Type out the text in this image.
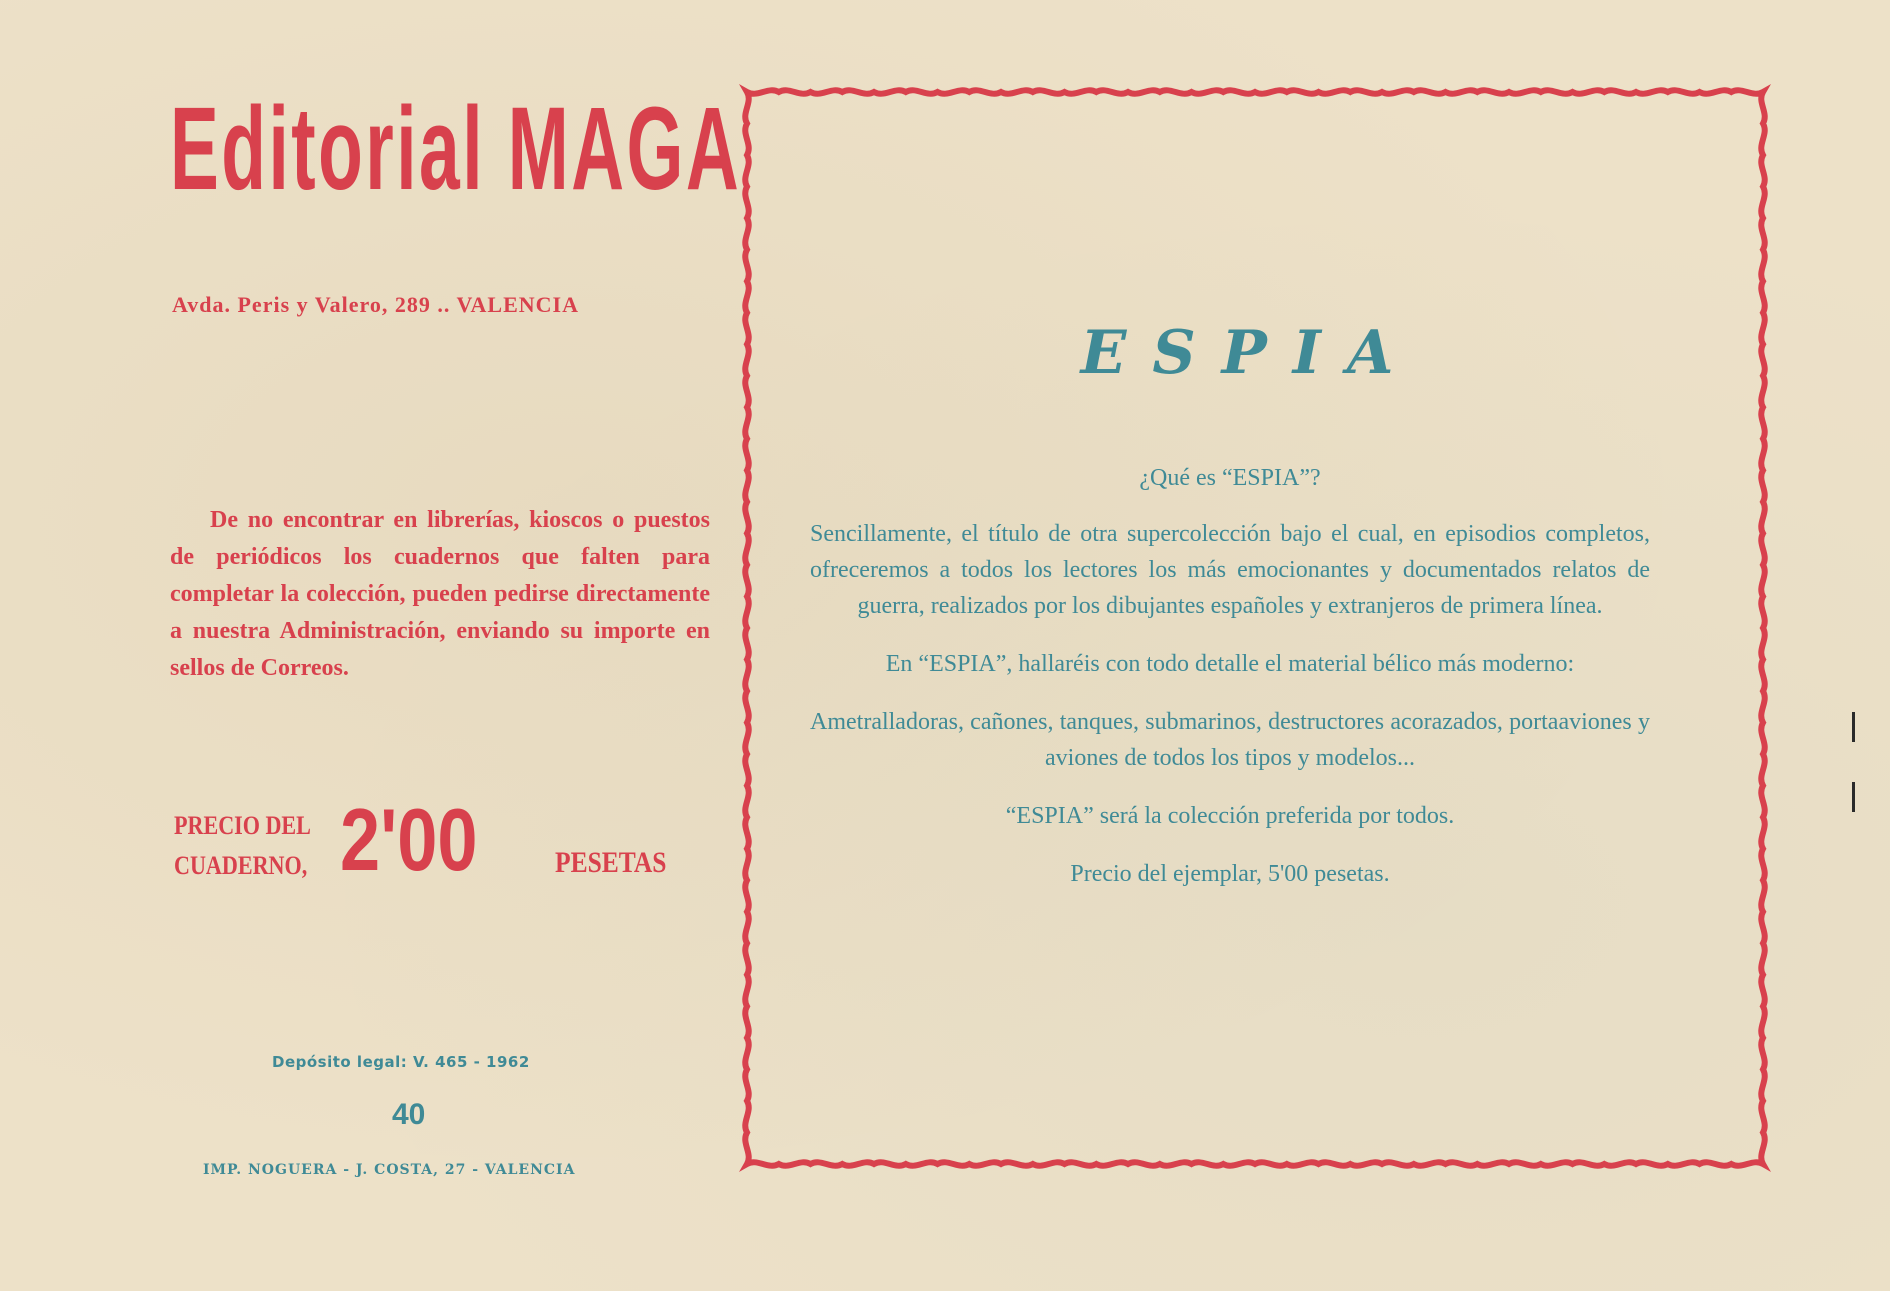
Editorial MAGA
Avda. Peris y Valero, 289 .. VALENCIA
De no encontrar en librerías, kioscos o puestos de periódicos los cuadernos que falten para completar la colección, pueden pedirse directamente a nuestra Administración, enviando su importe en sellos de Correos.
PRECIO DEL
CUADERNO, 2'00	PESETAS
Depósito legal: V. 465 - 1962
40
IMP. NOGUERA - J. COSTA, 27 - VALENCIA
ESPIA

¿Qué es “ESPIA”?

Sencillamente, el título de otra supercolección bajo el cual, en episodios completos, ofreceremos a todos los lectores los más emocionantes y documentados relatos de guerra, realizados por los dibujantes españoles y extranjeros de primera línea.

En “ESPIA”, hallaréis con todo detalle el material bélico más moderno:

Ametralladoras, cañones, tanques, submarinos, destructores acorazados, portaaviones y aviones de todos los tipos y modelos...

“ESPIA” será la colección preferida por todos.

Precio del ejemplar, 5'00 pesetas.
